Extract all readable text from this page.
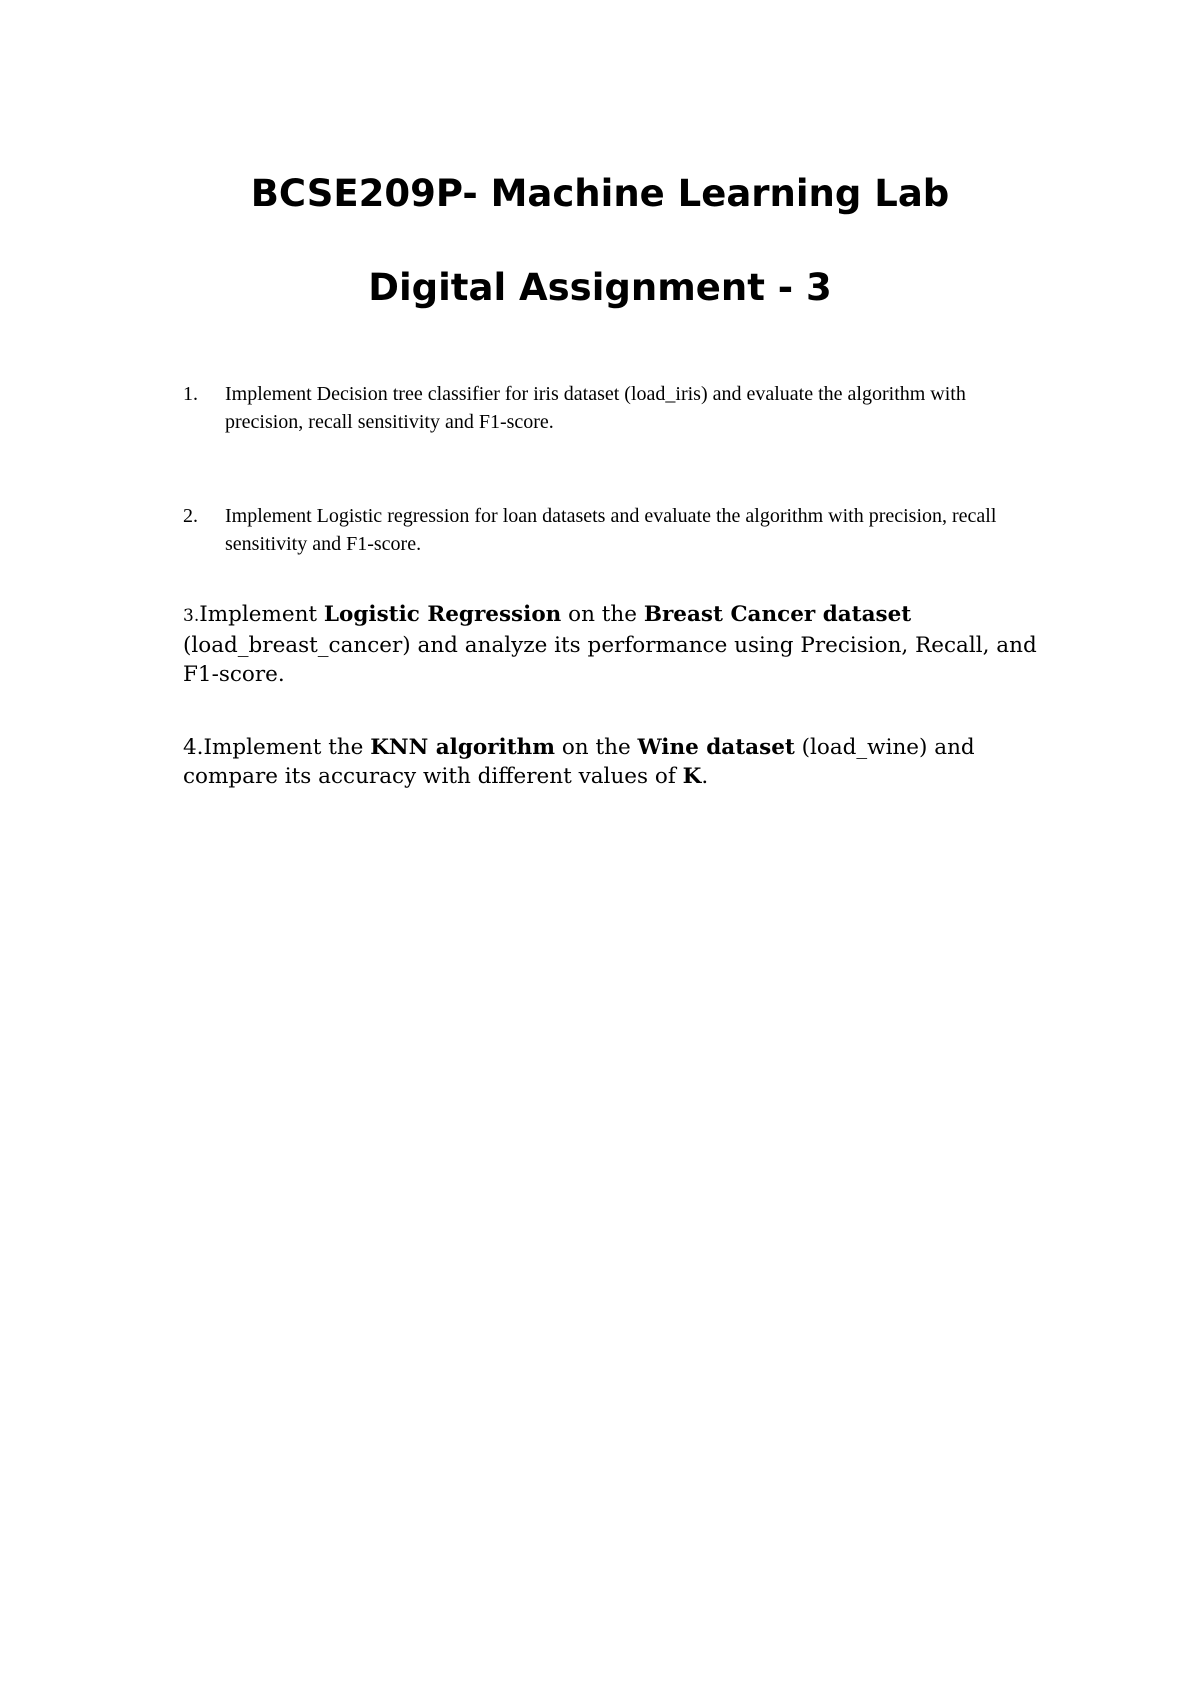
BCSE209P- Machine Learning Lab
Digital Assignment - 3
1. Implement Decision tree classifier for iris dataset (load_iris) and evaluate the algorithm with precision, recall sensitivity and F1-score.
2. Implement Logistic regression for loan datasets and evaluate the algorithm with precision, recall sensitivity and F1-score.
3.Implement Logistic Regression on the Breast Cancer dataset (load_breast_cancer) and analyze its performance using Precision, Recall, and F1-score.
4.Implement the KNN algorithm on the Wine dataset (load_wine) and compare its accuracy with different values of K.
